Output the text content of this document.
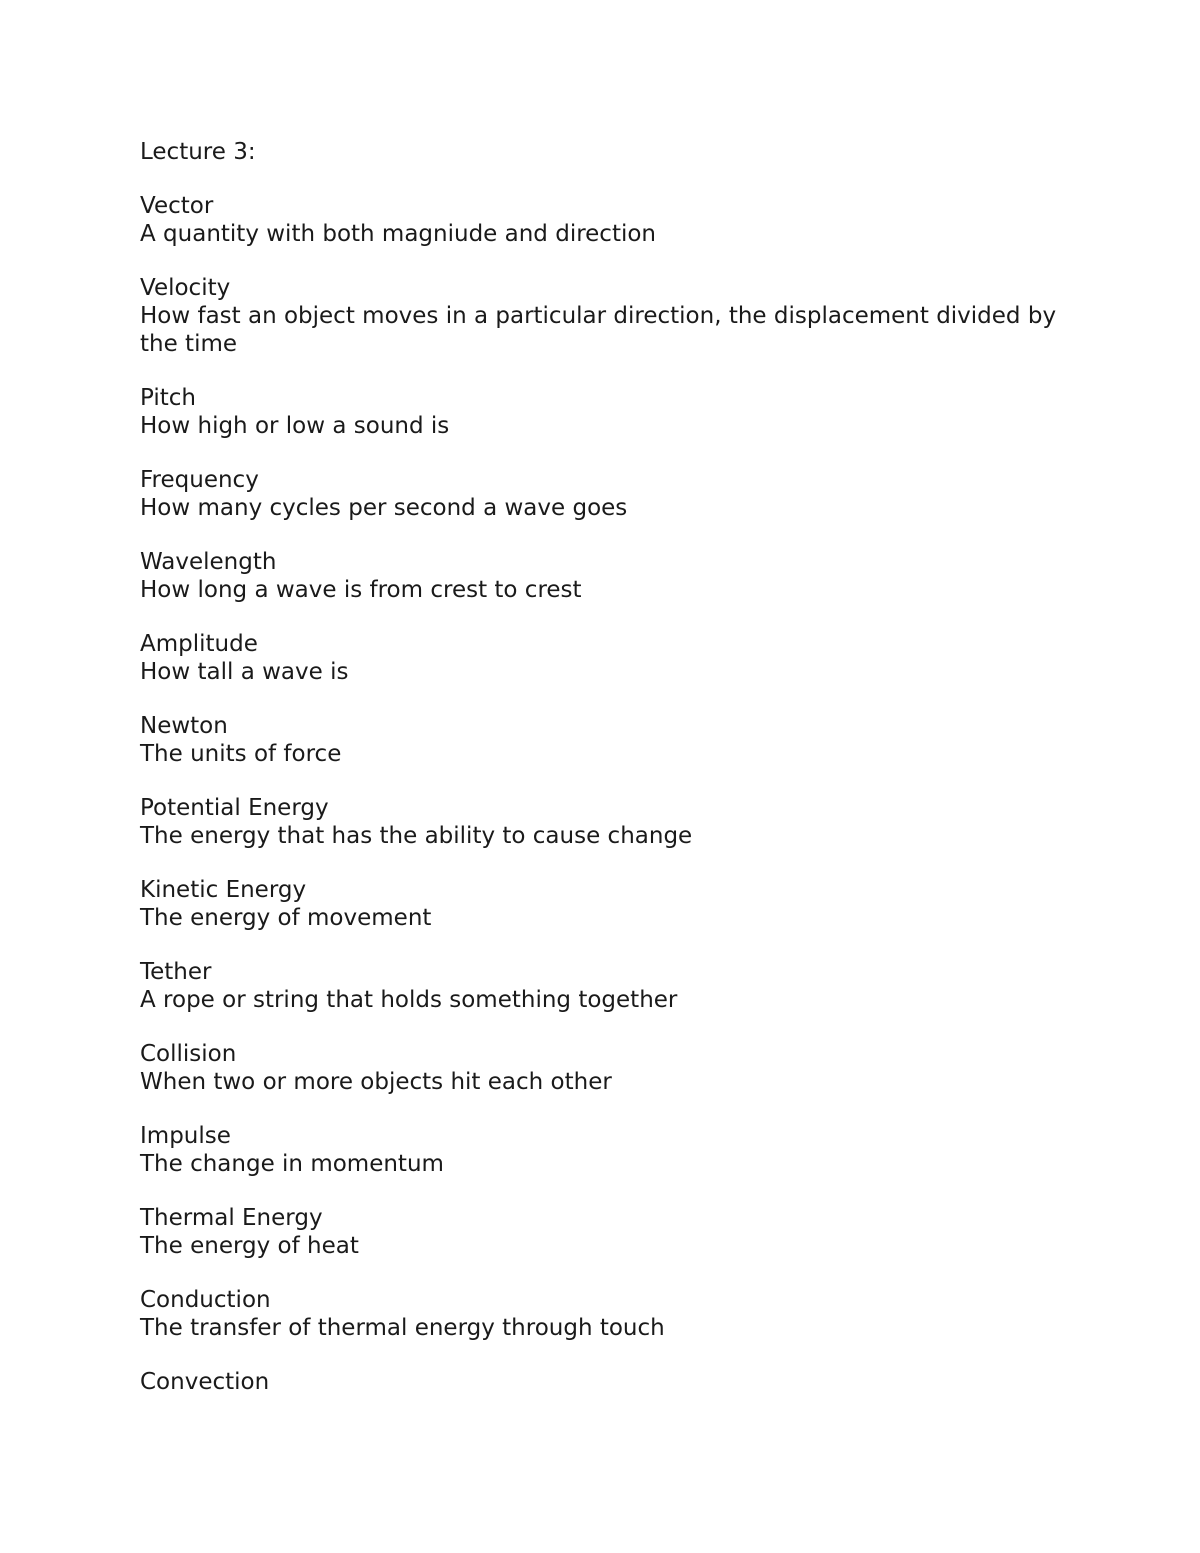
Lecture 3:
Vector
A quantity with both magniude and direction
Velocity
How fast an object moves in a particular direction, the displacement divided by the time
Pitch
How high or low a sound is
Frequency
How many cycles per second a wave goes
Wavelength
How long a wave is from crest to crest
Amplitude
How tall a wave is
Newton
The units of force
Potential Energy
The energy that has the ability to cause change
Kinetic Energy
The energy of movement
Tether
A rope or string that holds something together
Collision
When two or more objects hit each other
Impulse
The change in momentum
Thermal Energy
The energy of heat
Conduction
The transfer of thermal energy through touch
Convection
